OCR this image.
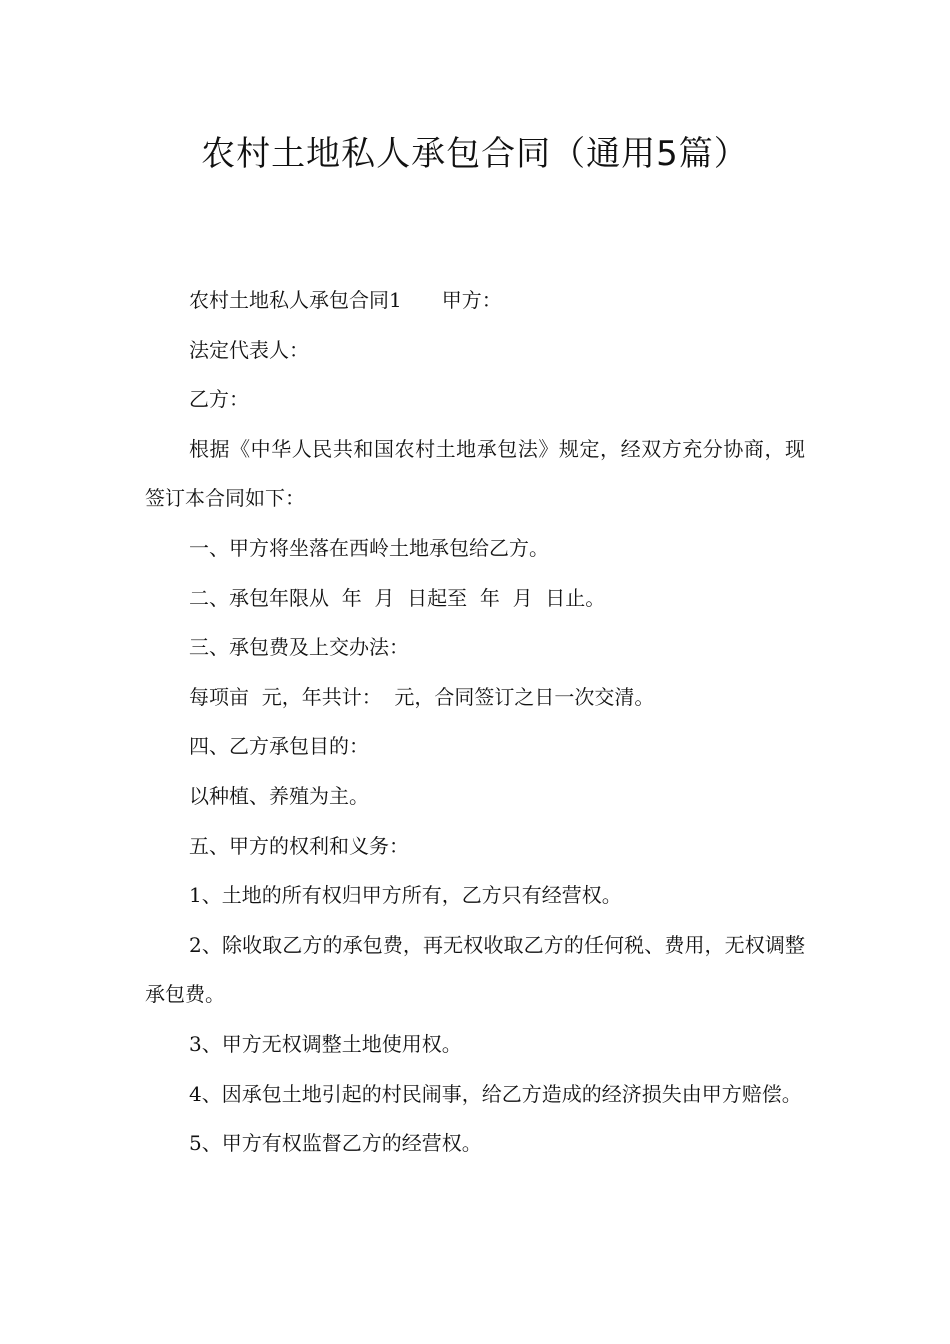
农村土地私人承包合同（通用5篇）

农村土地私人承包合同1　　甲方：

法定代表人：

乙方：

根据《中华人民共和国农村土地承包法》规定，经双方充分协商，现签订本合同如下：

一、甲方将坐落在西岭土地承包给乙方。

二、承包年限从  年  月  日起至  年  月  日止。

三、承包费及上交办法：

每项亩  元，年共计：  元，合同签订之日一次交清。

四、乙方承包目的：

以种植、养殖为主。

五、甲方的权利和义务：

1、土地的所有权归甲方所有，乙方只有经营权。

2、除收取乙方的承包费，再无权收取乙方的任何税、费用，无权调整承包费。

3、甲方无权调整土地使用权。

4、因承包土地引起的村民闹事，给乙方造成的经济损失由甲方赔偿。

5、甲方有权监督乙方的经营权。
